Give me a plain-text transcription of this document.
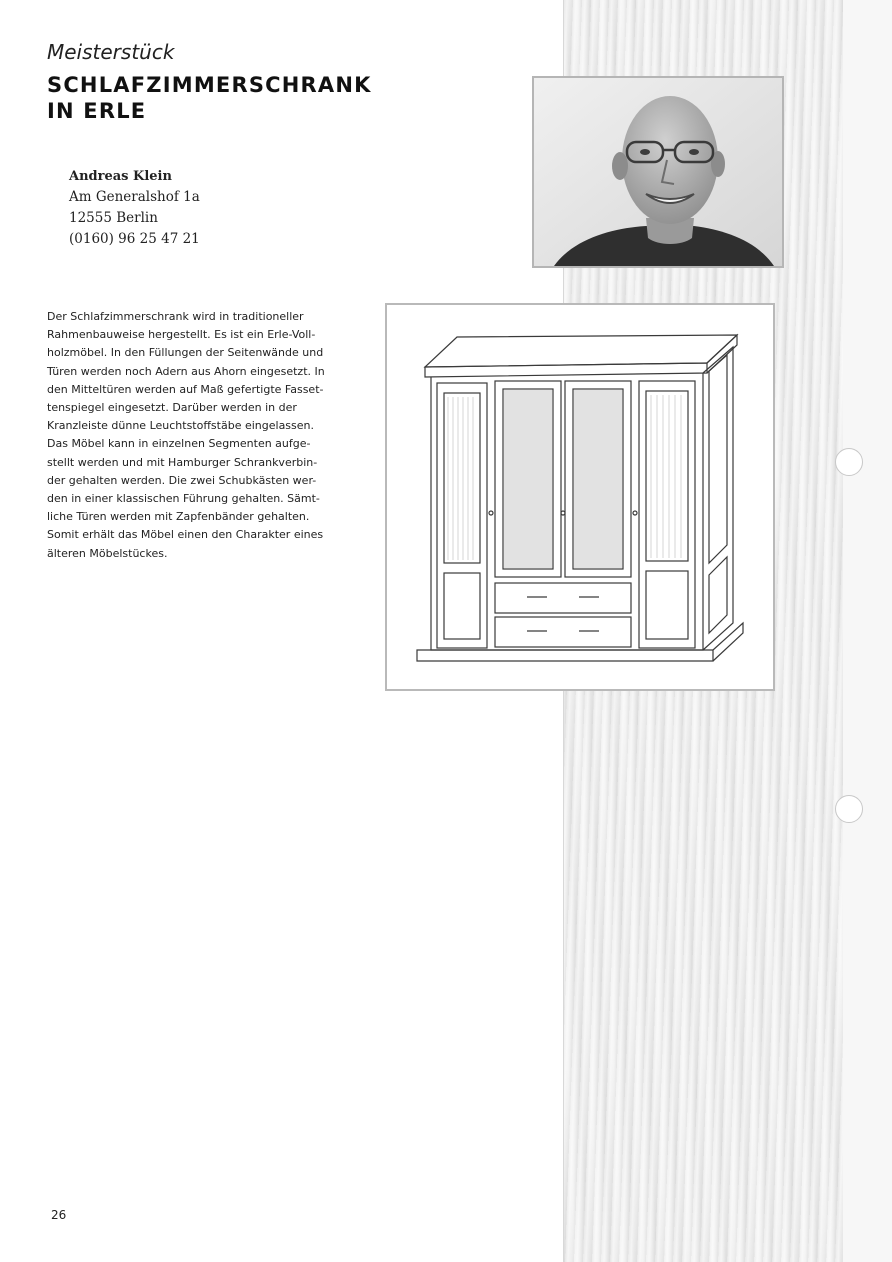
Meisterstück
SCHLAFZIMMERSCHRANK
IN ERLE
Andreas Klein
Am Generalshof 1a
12555 Berlin
(0160) 96 25 47 21
Der Schlafzimmerschrank wird in traditioneller
Rahmenbauweise hergestellt. Es ist ein Erle-Voll-
holzmöbel. In den Füllungen der Seitenwände und
Türen werden noch Adern aus Ahorn eingesetzt. In
den Mitteltüren werden auf Maß gefertigte Fasset-
tenspiegel eingesetzt. Darüber werden in der
Kranzleiste dünne Leuchtstoffstäbe eingelassen.
Das Möbel kann in einzelnen Segmenten aufge-
stellt werden und mit Hamburger Schrankverbin-
der gehalten werden. Die zwei Schubkästen wer-
den in einer klassischen Führung gehalten. Sämt-
liche Türen werden mit Zapfenbänder gehalten.
Somit erhält das Möbel einen den Charakter eines
älteren Möbelstückes.
26
